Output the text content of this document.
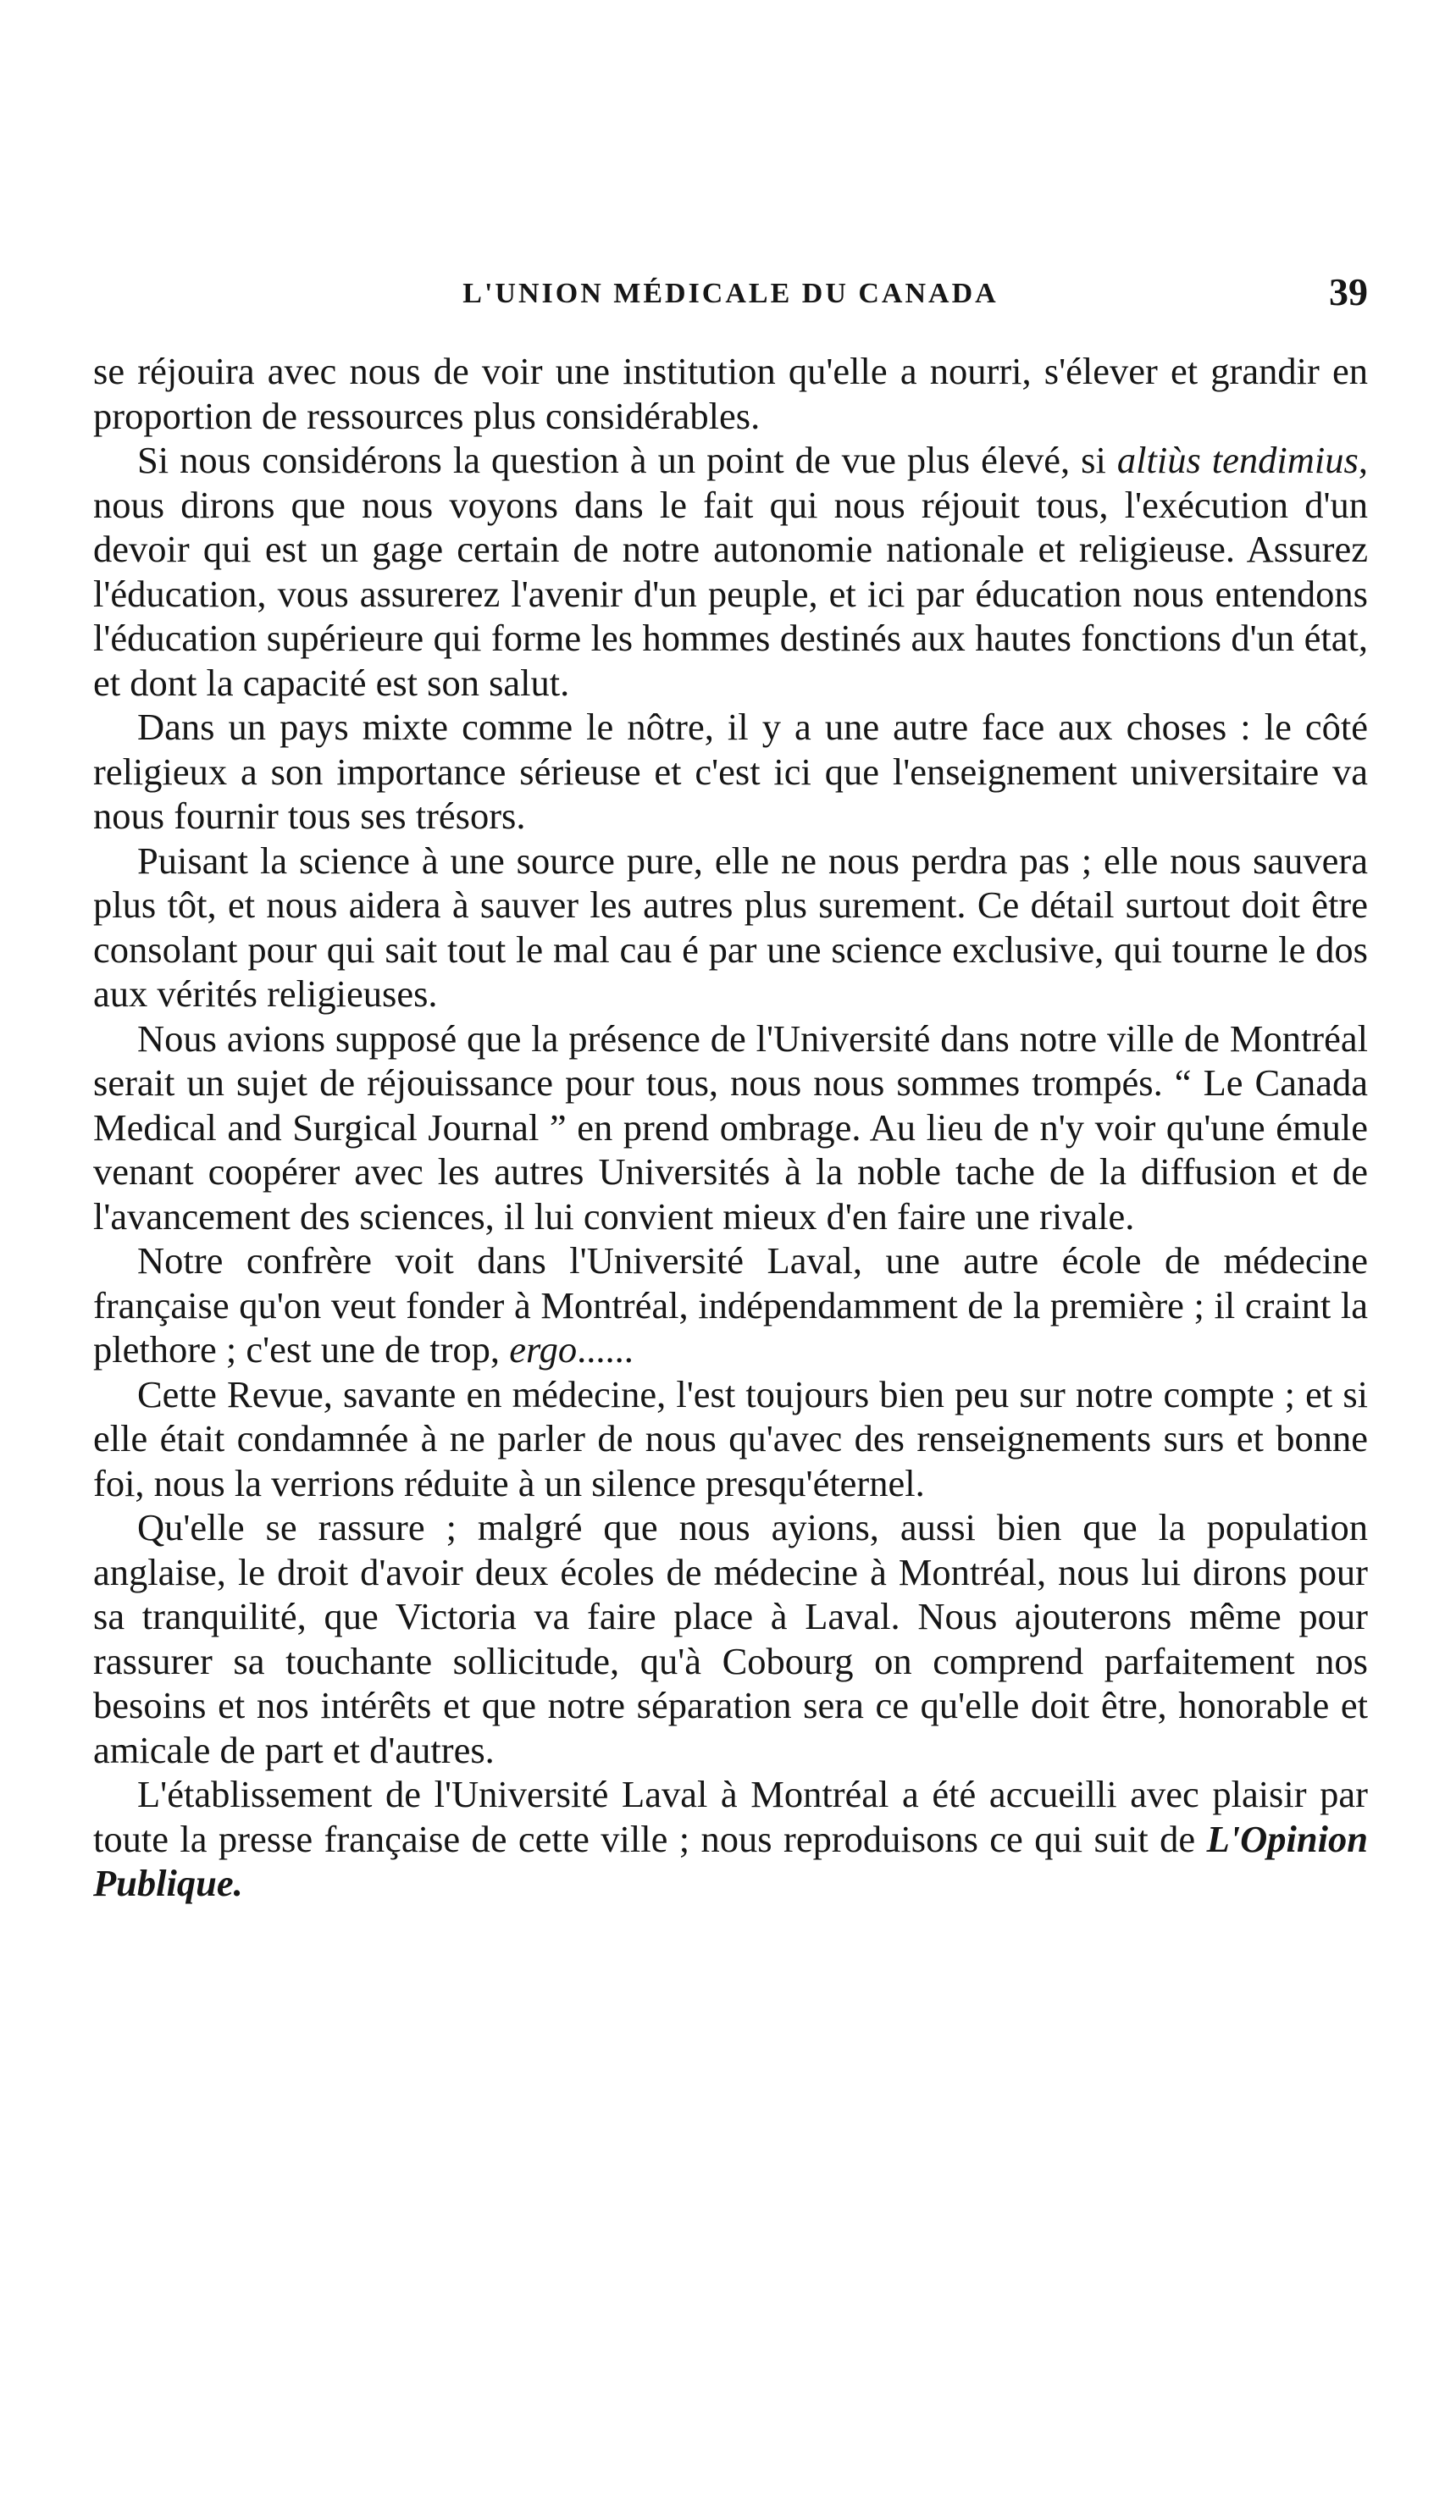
L'UNION MÉDICALE DU CANADA	39

se réjouira avec nous de voir une institution qu'elle a nourri, s'élever et grandir en proportion de ressources plus considérables.

Si nous considérons la question à un point de vue plus élevé, si altiùs tendimius, nous dirons que nous voyons dans le fait qui nous réjouit tous, l'exécution d'un devoir qui est un gage certain de notre autonomie nationale et religieuse. Assurez l'éducation, vous assurerez l'avenir d'un peuple, et ici par éducation nous entendons l'éducation supérieure qui forme les hommes destinés aux hautes fonctions d'un état, et dont la capacité est son salut.

Dans un pays mixte comme le nôtre, il y a une autre face aux choses : le côté religieux a son importance sérieuse et c'est ici que l'enseignement universitaire va nous fournir tous ses trésors.

Puisant la science à une source pure, elle ne nous perdra pas ; elle nous sauvera plus tôt, et nous aidera à sauver les autres plus surement. Ce détail surtout doit être consolant pour qui sait tout le mal cau é par une science exclusive, qui tourne le dos aux vérités religieuses.

Nous avions supposé que la présence de l'Université dans notre ville de Montréal serait un sujet de réjouissance pour tous, nous nous sommes trompés. “ Le Canada Medical and Surgical Journal ” en prend ombrage. Au lieu de n'y voir qu'une émule venant coopérer avec les autres Universités à la noble tache de la diffusion et de l'avancement des sciences, il lui convient mieux d'en faire une rivale.

Notre confrère voit dans l'Université Laval, une autre école de médecine française qu'on veut fonder à Montréal, indépendamment de la première ; il craint la plethore ; c'est une de trop, ergo......

Cette Revue, savante en médecine, l'est toujours bien peu sur notre compte ; et si elle était condamnée à ne parler de nous qu'avec des renseignements surs et bonne foi, nous la verrions réduite à un silence presqu'éternel.

Qu'elle se rassure ; malgré que nous ayions, aussi bien que la population anglaise, le droit d'avoir deux écoles de médecine à Montréal, nous lui dirons pour sa tranquilité, que Victoria va faire place à Laval. Nous ajouterons même pour rassurer sa touchante sollicitude, qu'à Cobourg on comprend parfaitement nos besoins et nos intérêts et que notre séparation sera ce qu'elle doit être, honorable et amicale de part et d'autres.

L'établissement de l'Université Laval à Montréal a été accueilli avec plaisir par toute la presse française de cette ville ; nous reproduisons ce qui suit de L'Opinion Publique.
